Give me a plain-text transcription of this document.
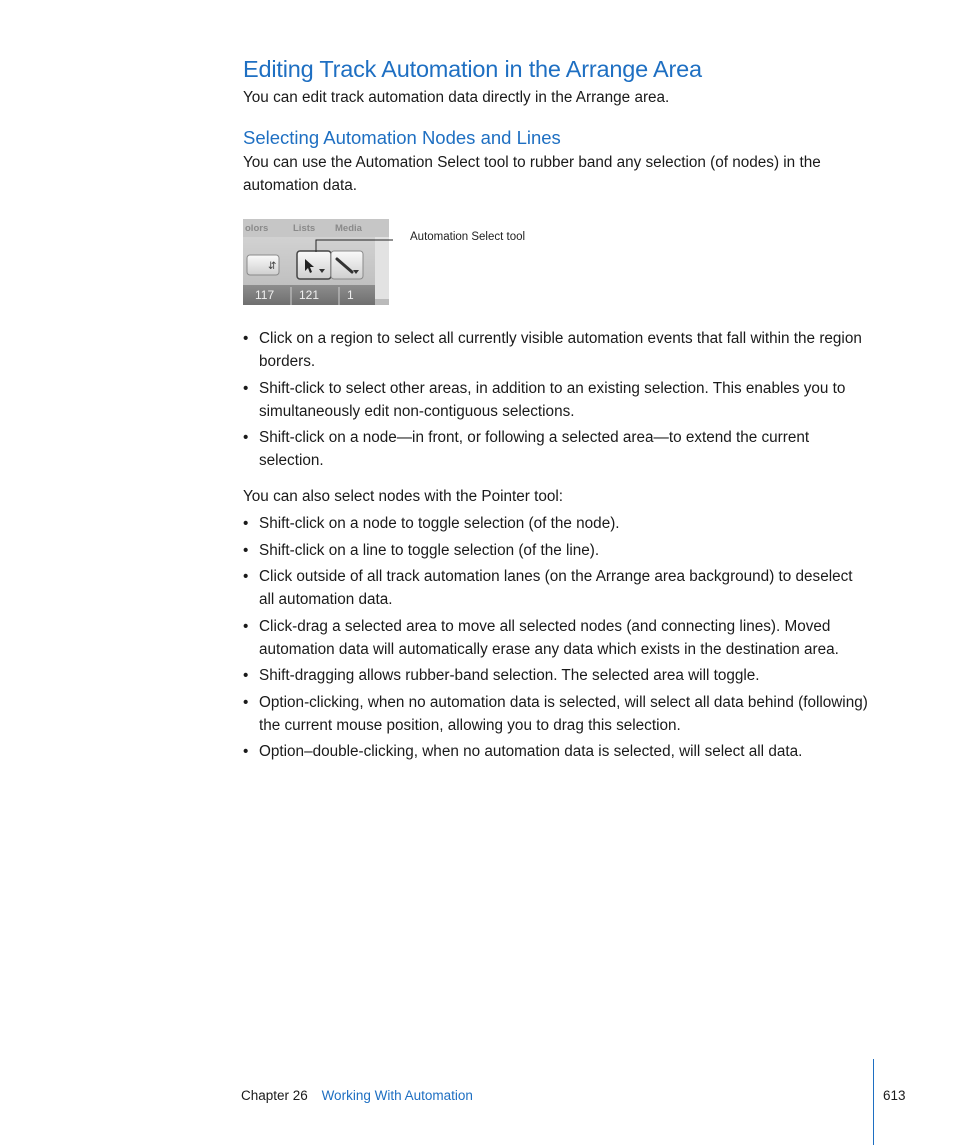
Editing Track Automation in the Arrange Area

You can edit track automation data directly in the Arrange area.

Selecting Automation Nodes and Lines

You can use the Automation Select tool to rubber band any selection (of nodes) in the automation data.

olors	Lists Media
⇵
117 121 1
Automation Select tool
• Click on a region to select all currently visible automation events that fall within the region borders.
• Shift-click to select other areas, in addition to an existing selection. This enables you to simultaneously edit non-contiguous selections.
• Shift-click on a node—in front, or following a selected area—to extend the current selection.

You can also select nodes with the Pointer tool:

• Shift-click on a node to toggle selection (of the node).
• Shift-click on a line to toggle selection (of the line).
• Click outside of all track automation lanes (on the Arrange area background) to deselect all automation data.
• Click-drag a selected area to move all selected nodes (and connecting lines). Moved automation data will automatically erase any data which exists in the destination area.
• Shift-dragging allows rubber-band selection. The selected area will toggle.
• Option-clicking, when no automation data is selected, will select all data behind (following) the current mouse position, allowing you to drag this selection.
• Option–double-clicking, when no automation data is selected, will select all data.
Chapter 26 Working With Automation	613
